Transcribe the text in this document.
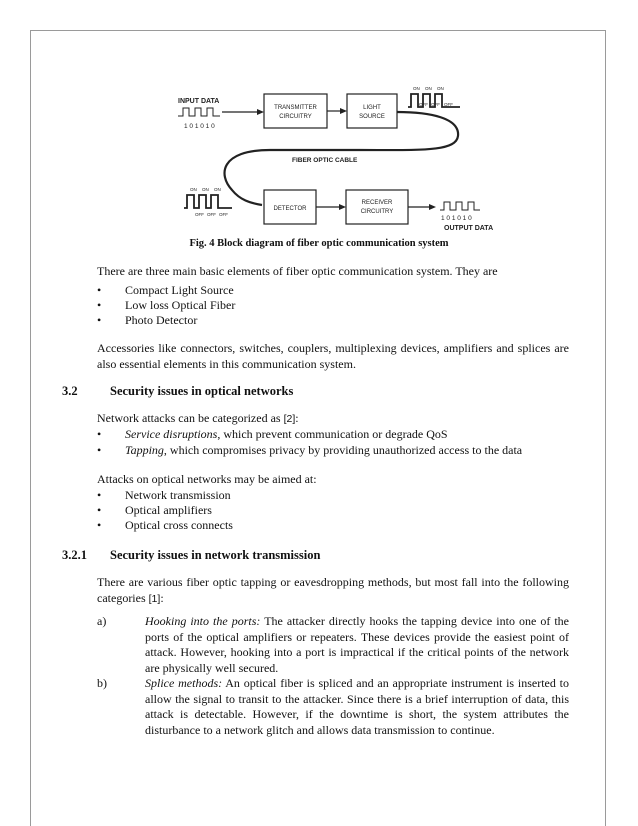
INPUT DATA
1 0 1 0 1 0
TRANSMITTER
CIRCUITRY
LIGHT
SOURCE
ON ON ON
OFF OFF OFF
FIBER OPTIC CABLE
ON ON ON
OFF OFF OFF
DETECTOR
RECEIVER
CIRCUITRY
1 0 1 0 1 0
OUTPUT DATA
Fig. 4 Block diagram of fiber optic communication system
There are three main basic elements of fiber optic communication system. They are
• Compact Light Source
• Low loss Optical Fiber
• Photo Detector
Accessories like connectors, switches, couplers, multiplexing devices, amplifiers and splices are also essential elements in this communication system.
3.2	Security issues in optical networks
Network attacks can be categorized as [2]:
• Service disruptions, which prevent communication or degrade QoS
• Tapping, which compromises privacy by providing unauthorized access to the data
Attacks on optical networks may be aimed at:
• Network transmission
• Optical amplifiers
• Optical cross connects
3.2.1 Security issues in network transmission
There are various fiber optic tapping or eavesdropping methods, but most fall into the following categories [1]:
a)	Hooking into the ports: The attacker directly hooks the tapping device into one of the ports of the optical amplifiers or repeaters. These devices provide the easiest point of attack. However, hooking into a port is impractical if the critical points of the network are physically well secured.
b)	Splice methods: An optical fiber is spliced and an appropriate instrument is inserted to allow the signal to transit to the attacker. Since there is a brief interruption of data, this attack is detectable. However, if the downtime is short, the system attributes the disturbance to a network glitch and allows data transmission to continue.
